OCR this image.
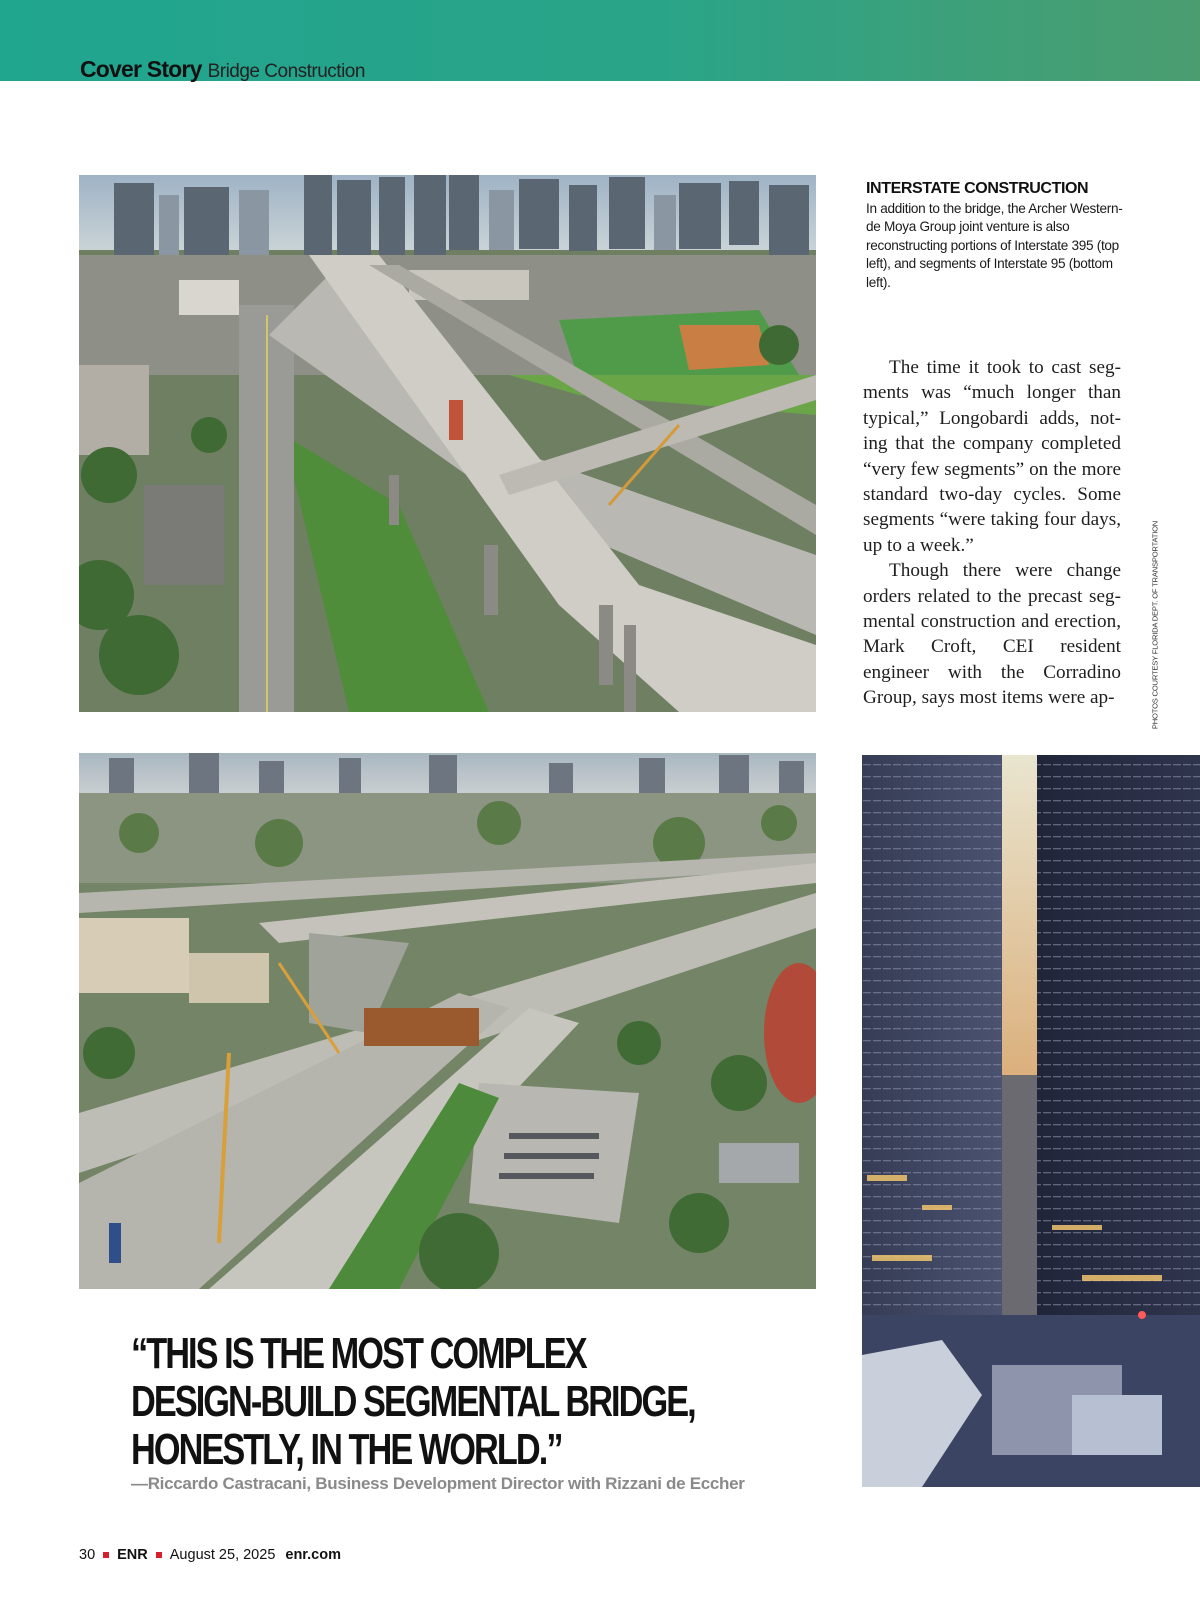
Cover Story Bridge Construction
INTERSTATE CONSTRUCTION
In addition to the bridge, the Archer Western-de Moya Group joint venture is also reconstructing portions of Interstate 395 (top left), and segments of Interstate 95 (bottom left).

The time it took to cast segments was “much longer than typical,” Longobardi adds, noting that the company completed “very few segments” on the more standard two-day cycles. Some segments “were taking four days, up to a week.”

Though there were change orders related to the precast segmental construction and erection, Mark Croft, CEI resident engineer with the Corradino Group, says most items were ap-	PHOTOS COURTESY FLORIDA DEPT. OF TRANSPORTATION
“THIS IS THE MOST COMPLEX
DESIGN-BUILD SEGMENTAL BRIDGE,
HONESTLY, IN THE WORLD.”
—Riccardo Castracani, Business Development Director with Rizzani de Eccher
30 ENR August 25, 2025 enr.com
